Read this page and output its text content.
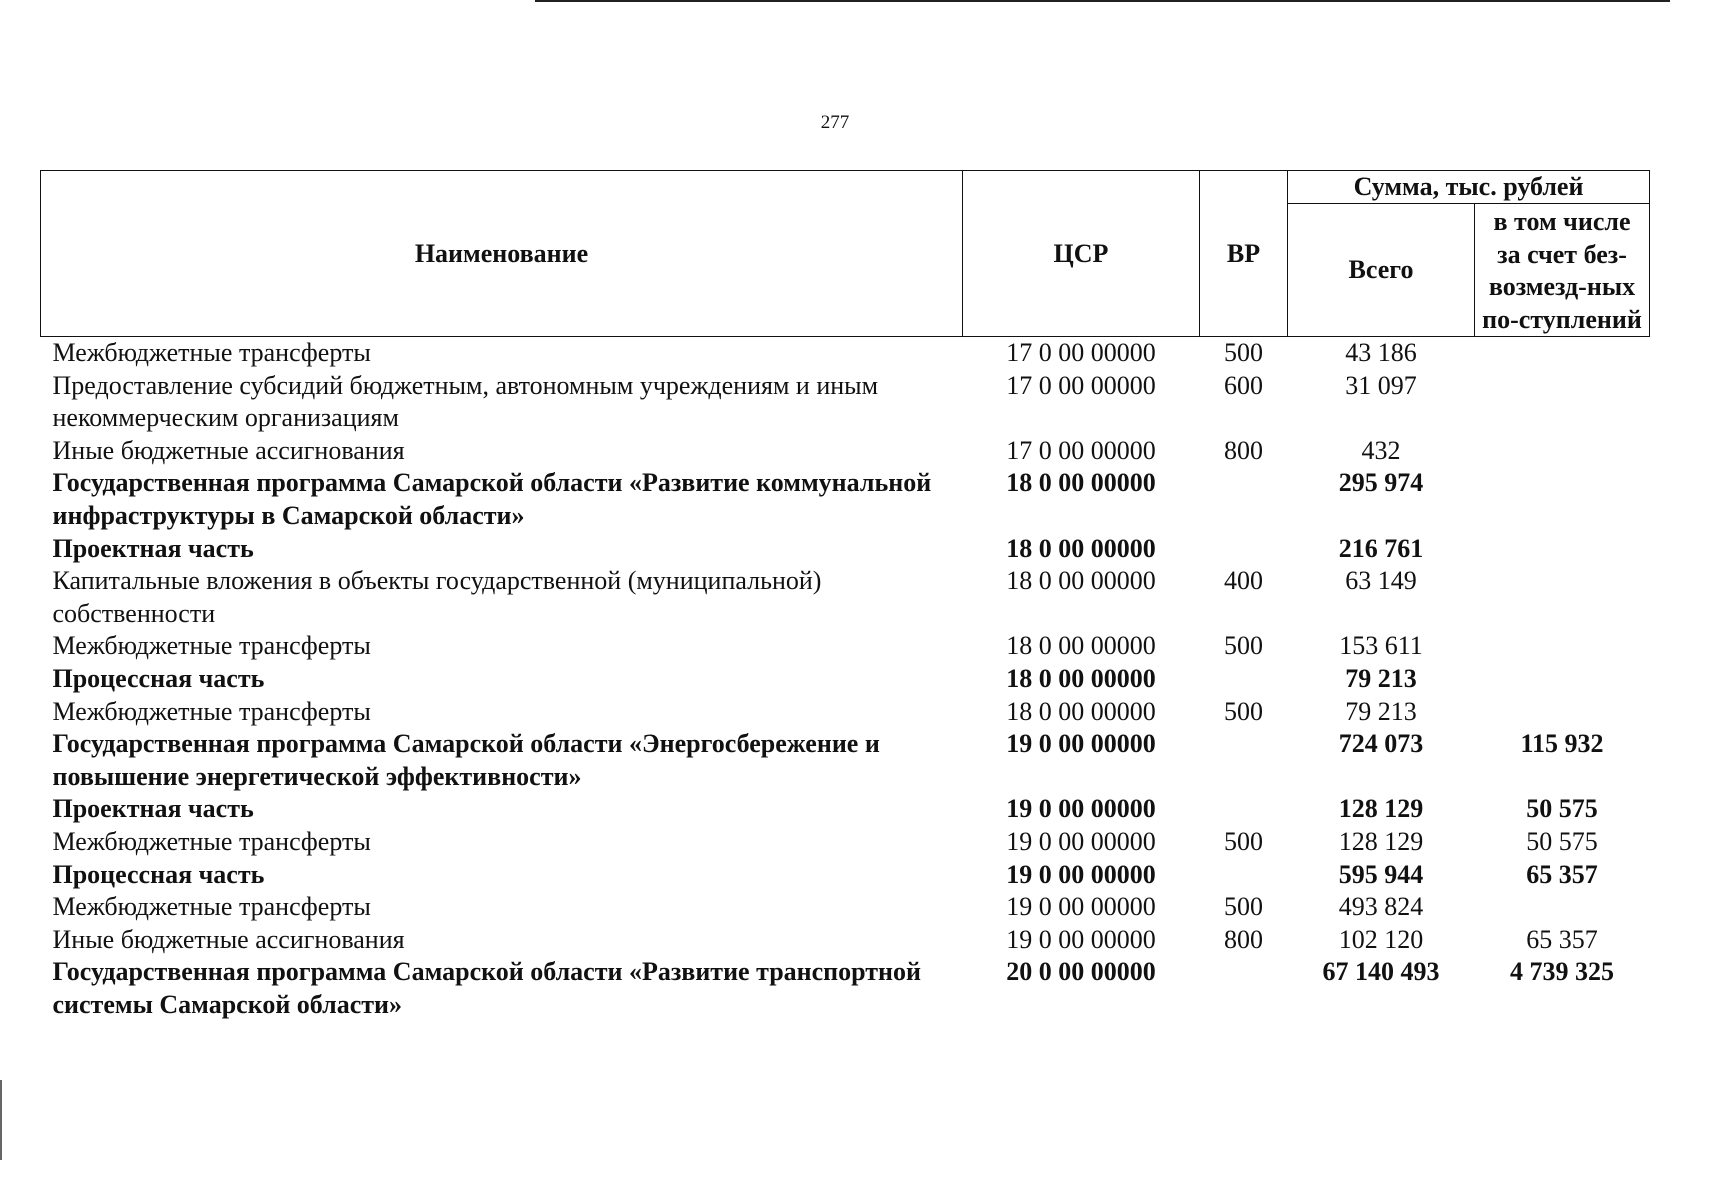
277
Наименование	ЦСР	ВР	Сумма, тыс. рублей	
			Всего	в том числе за счет без-возмезд-ных по-ступлений
Межбюджетные трансферты	17 0 00 00000	500	43 186	
Предоставление субсидий бюджетным, автономным учреждениям и иным некоммерческим организациям	17 0 00 00000	600	31 097	
Иные бюджетные ассигнования	17 0 00 00000	800	432	
Государственная программа Самарской области «Развитие коммунальной инфраструктуры в Самарской области»	18 0 00 00000		295 974	
Проектная часть	18 0 00 00000		216 761	
Капитальные вложения в объекты государственной (муниципальной) собственности	18 0 00 00000	400	63 149	
Межбюджетные трансферты	18 0 00 00000	500	153 611	
Процессная часть	18 0 00 00000		79 213	
Межбюджетные трансферты	18 0 00 00000	500	79 213	
Государственная программа Самарской области «Энергосбережение и повышение энергетической эффективности»	19 0 00 00000		724 073	115 932
Проектная часть	19 0 00 00000		128 129	50 575
Межбюджетные трансферты	19 0 00 00000	500	128 129	50 575
Процессная часть	19 0 00 00000		595 944	65 357
Межбюджетные трансферты	19 0 00 00000	500	493 824	
Иные бюджетные ассигнования	19 0 00 00000	800	102 120	65 357
Государственная программа Самарской области «Развитие транспортной системы Самарской области»	20 0 00 00000		67 140 493	4 739 325
